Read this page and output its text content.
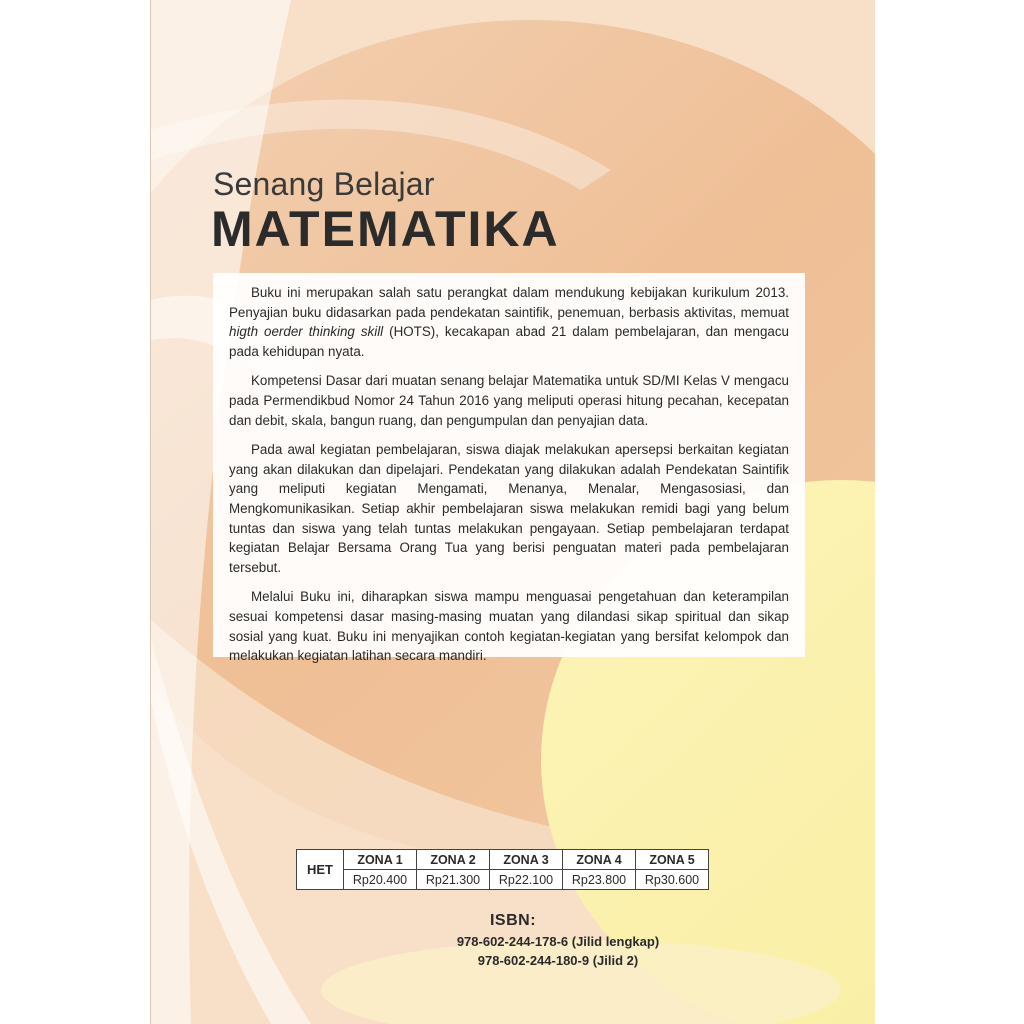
Senang Belajar
MATEMATIKA

Buku ini merupakan salah satu perangkat dalam mendukung kebijakan kurikulum 2013. Penyajian buku didasarkan pada pendekatan saintifik, penemuan, berbasis aktivitas, memuat higth oerder thinking skill (HOTS), kecakapan abad 21 dalam pembelajaran, dan mengacu pada kehidupan nyata.

Kompetensi Dasar dari muatan senang belajar Matematika untuk SD/MI Kelas V mengacu pada Permendikbud Nomor 24 Tahun 2016 yang meliputi operasi hitung pecahan, kecepatan dan debit, skala, bangun ruang, dan pengumpulan dan penyajian data.

Pada awal kegiatan pembelajaran, siswa diajak melakukan apersepsi berkaitan kegiatan yang akan dilakukan dan dipelajari. Pendekatan yang dilakukan adalah Pendekatan Saintifik yang meliputi kegiatan Mengamati, Menanya, Menalar, Mengasosiasi, dan Mengkomunikasikan. Setiap akhir pembelajaran siswa melakukan remidi bagi yang belum tuntas dan siswa yang telah tuntas melakukan pengayaan. Setiap pembelajaran terdapat kegiatan Belajar Bersama Orang Tua yang berisi penguatan materi pada pembelajaran tersebut.

Melalui Buku ini, diharapkan siswa mampu menguasai pengetahuan dan keterampilan sesuai kompetensi dasar masing-masing muatan yang dilandasi sikap spiritual dan sikap sosial yang kuat. Buku ini menyajikan contoh kegiatan-kegiatan yang bersifat kelompok dan melakukan kegiatan latihan secara mandiri.

HET	ZONA 1	ZONA 2	ZONA 3	ZONA 4	ZONA 5
	Rp20.400	Rp21.300	Rp22.100	Rp23.800	Rp30.600
ISBN:
978-602-244-178-6 (Jilid lengkap)
978-602-244-180-9 (Jilid 2)
